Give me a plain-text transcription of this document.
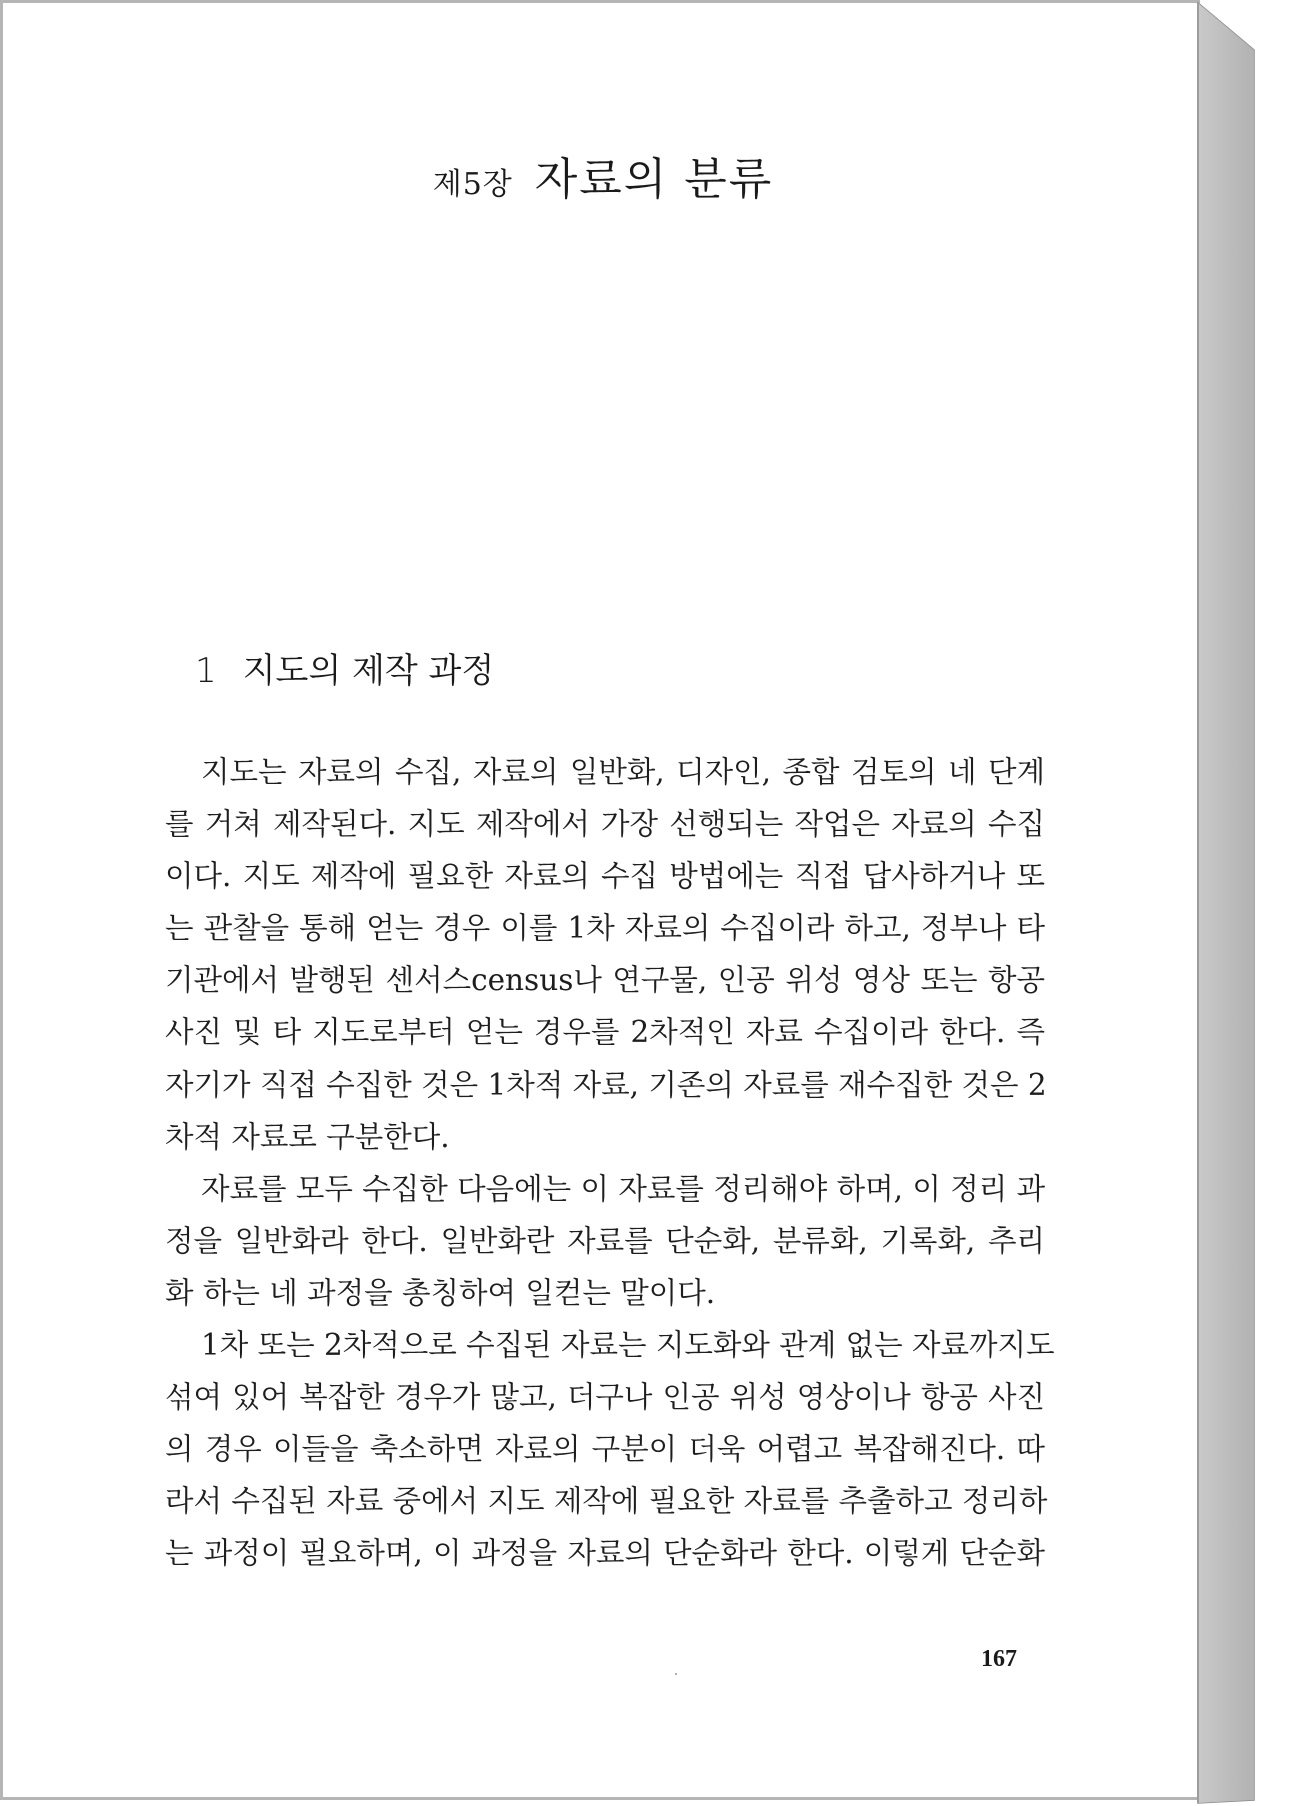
제5장 자료의 분류
1 지도의 제작 과정
지도는 자료의 수집, 자료의 일반화, 디자인, 종합 검토의 네 단계
를 거쳐 제작된다. 지도 제작에서 가장 선행되는 작업은 자료의 수집
이다. 지도 제작에 필요한 자료의 수집 방법에는 직접 답사하거나 또
는 관찰을 통해 얻는 경우 이를 1차 자료의 수집이라 하고, 정부나 타
기관에서 발행된 센서스census나 연구물, 인공 위성 영상 또는 항공
사진 및 타 지도로부터 얻는 경우를 2차적인 자료 수집이라 한다. 즉
자기가 직접 수집한 것은 1차적 자료, 기존의 자료를 재수집한 것은 2
차적 자료로 구분한다.
자료를 모두 수집한 다음에는 이 자료를 정리해야 하며, 이 정리 과
정을 일반화라 한다. 일반화란 자료를 단순화, 분류화, 기록화, 추리
화 하는 네 과정을 총칭하여 일컫는 말이다.
1차 또는 2차적으로 수집된 자료는 지도화와 관계 없는 자료까지도
섞여 있어 복잡한 경우가 많고, 더구나 인공 위성 영상이나 항공 사진
의 경우 이들을 축소하면 자료의 구분이 더욱 어렵고 복잡해진다. 따
라서 수집된 자료 중에서 지도 제작에 필요한 자료를 추출하고 정리하
는 과정이 필요하며, 이 과정을 자료의 단순화라 한다. 이렇게 단순화
167
